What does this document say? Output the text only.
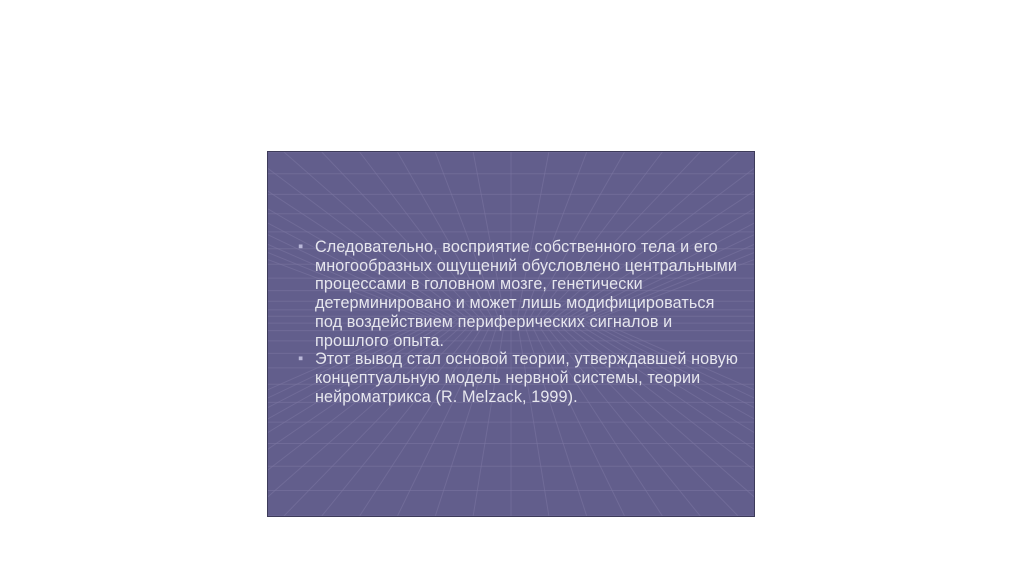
▪ Следовательно, восприятие собственного тела и его многообразных ощущений обусловлено центральными процессами в головном мозге, генетически детерминировано и может лишь модифицироваться под воздействием периферических сигналов и прошлого опыта.
▪ Этот вывод стал основой теории, утверждавшей новую концептуальную модель нервной системы, теории нейроматрикса (R. Melzack, 1999).
